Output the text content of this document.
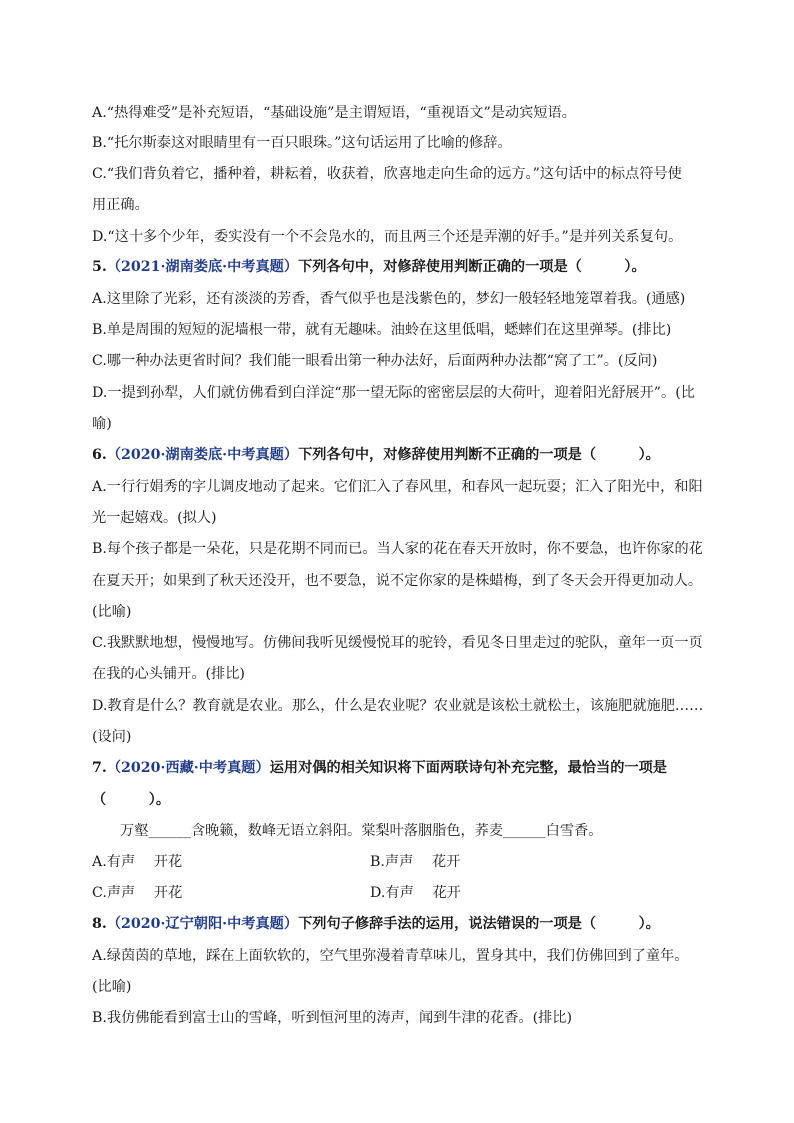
A.“热得难受”是补充短语，“基础设施”是主谓短语，“重视语文”是动宾短语。
B.“托尔斯泰这对眼睛里有一百只眼珠。”这句话运用了比喻的修辞。
C.“我们背负着它，播种着，耕耘着，收获着，欣喜地走向生命的远方。”这句话中的标点符号使
用正确。
D.“这十多个少年，委实没有一个不会凫水的，而且两三个还是弄潮的好手。”是并列关系复句。
5.（2021·湖南娄底·中考真题）下列各句中，对修辞使用判断正确的一项是（　　　）。
A.这里除了光彩，还有淡淡的芳香，香气似乎也是浅紫色的，梦幻一般轻轻地笼罩着我。(通感)
B.单是周围的短短的泥墙根一带，就有无趣味。油蛉在这里低唱，蟋蟀们在这里弹琴。(排比)
C.哪一种办法更省时间？我们能一眼看出第一种办法好，后面两种办法都“窝了工”。(反问)
D.一提到孙犁，人们就仿佛看到白洋淀“那一望无际的密密层层的大荷叶，迎着阳光舒展开”。(比
喻)
6.（2020·湖南娄底·中考真题）下列各句中，对修辞使用判断不正确的一项是（　　　）。
A.一行行娟秀的字儿调皮地动了起来。它们汇入了春风里，和春风一起玩耍；汇入了阳光中，和阳
光一起嬉戏。(拟人)
B.每个孩子都是一朵花，只是花期不同而已。当人家的花在春天开放时，你不要急，也许你家的花
在夏天开；如果到了秋天还没开，也不要急，说不定你家的是株蜡梅，到了冬天会开得更加动人。
(比喻)
C.我默默地想，慢慢地写。仿佛间我听见缓慢悦耳的驼铃，看见冬日里走过的驼队，童年一页一页
在我的心头铺开。(排比)
D.教育是什么？教育就是农业。那么，什么是农业呢？农业就是该松土就松土，该施肥就施肥……
(设问)
7.（2020·西藏·中考真题）运用对偶的相关知识将下面两联诗句补充完整，最恰当的一项是
（　　　）。
万壑______含晚籁，数峰无语立斜阳。棠梨叶落胭脂色，荞麦______白雪香。
A.有声　 开花	B.声声　 花开
C.声声　 开花	D.有声　 花开
8.（2020·辽宁朝阳·中考真题）下列句子修辞手法的运用，说法错误的一项是（　　　）。
A.绿茵茵的草地，踩在上面软软的，空气里弥漫着青草味儿，置身其中，我们仿佛回到了童年。
(比喻)
B.我仿佛能看到富士山的雪峰，听到恒河里的涛声，闻到牛津的花香。(排比)
